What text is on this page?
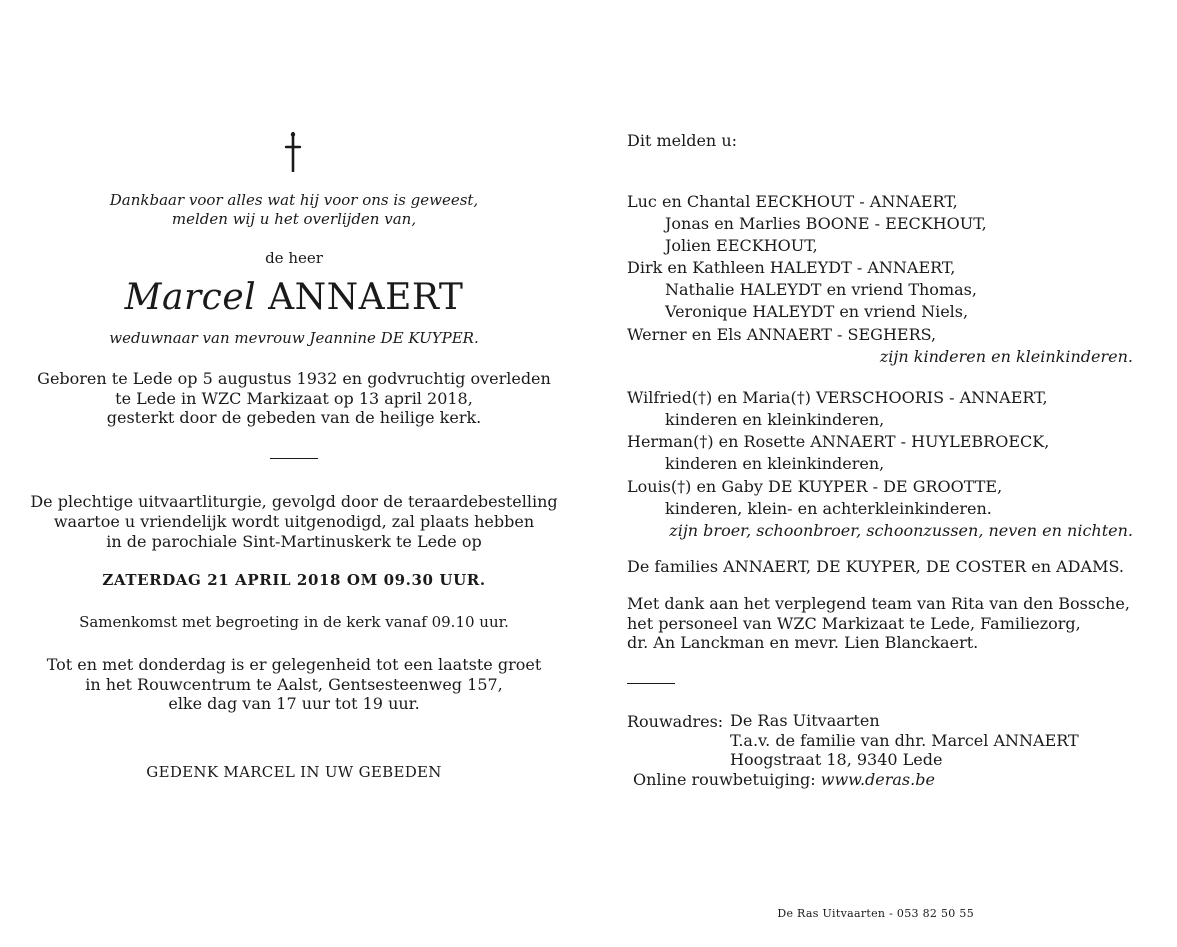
Dankbaar voor alles wat hij voor ons is geweest,
melden wij u het overlijden van,
de heer
Marcel ANNAERT
weduwnaar van mevrouw Jeannine DE KUYPER.
Geboren te Lede op 5 augustus 1932 en godvruchtig overleden
te Lede in WZC Markizaat op 13 april 2018,
gesterkt door de gebeden van de heilige kerk.
De plechtige uitvaartliturgie, gevolgd door de teraardebestelling
waartoe u vriendelijk wordt uitgenodigd, zal plaats hebben
in de parochiale Sint-Martinuskerk te Lede op
ZATERDAG 21 APRIL 2018 OM 09.30 UUR.
Samenkomst met begroeting in de kerk vanaf 09.10 uur.
Tot en met donderdag is er gelegenheid tot een laatste groet
in het Rouwcentrum te Aalst, Gentsesteenweg 157,
elke dag van 17 uur tot 19 uur.
GEDENK MARCEL IN UW GEBEDEN
Dit melden u:
Luc en Chantal EECKHOUT - ANNAERT,
Jonas en Marlies BOONE - EECKHOUT,
Jolien EECKHOUT,
Dirk en Kathleen HALEYDT - ANNAERT,
Nathalie HALEYDT en vriend Thomas,
Veronique HALEYDT en vriend Niels,
Werner en Els ANNAERT - SEGHERS,
zijn kinderen en kleinkinderen.
Wilfried(†) en Maria(†) VERSCHOORIS - ANNAERT,
kinderen en kleinkinderen,
Herman(†) en Rosette ANNAERT - HUYLEBROECK,
kinderen en kleinkinderen,
Louis(†) en Gaby DE KUYPER - DE GROOTTE,
kinderen, klein- en achterkleinkinderen.
zijn broer, schoonbroer, schoonzussen, neven en nichten.
De families ANNAERT, DE KUYPER, DE COSTER en ADAMS.
Met dank aan het verplegend team van Rita van den Bossche,
het personeel van WZC Markizaat te Lede, Familiezorg,
dr. An Lanckman en mevr. Lien Blanckaert.
Rouwadres: De Ras Uitvaarten
T.a.v. de familie van dhr. Marcel ANNAERT
Hoogstraat 18, 9340 Lede
Online rouwbetuiging: www.deras.be
De Ras Uitvaarten - 053 82 50 55
